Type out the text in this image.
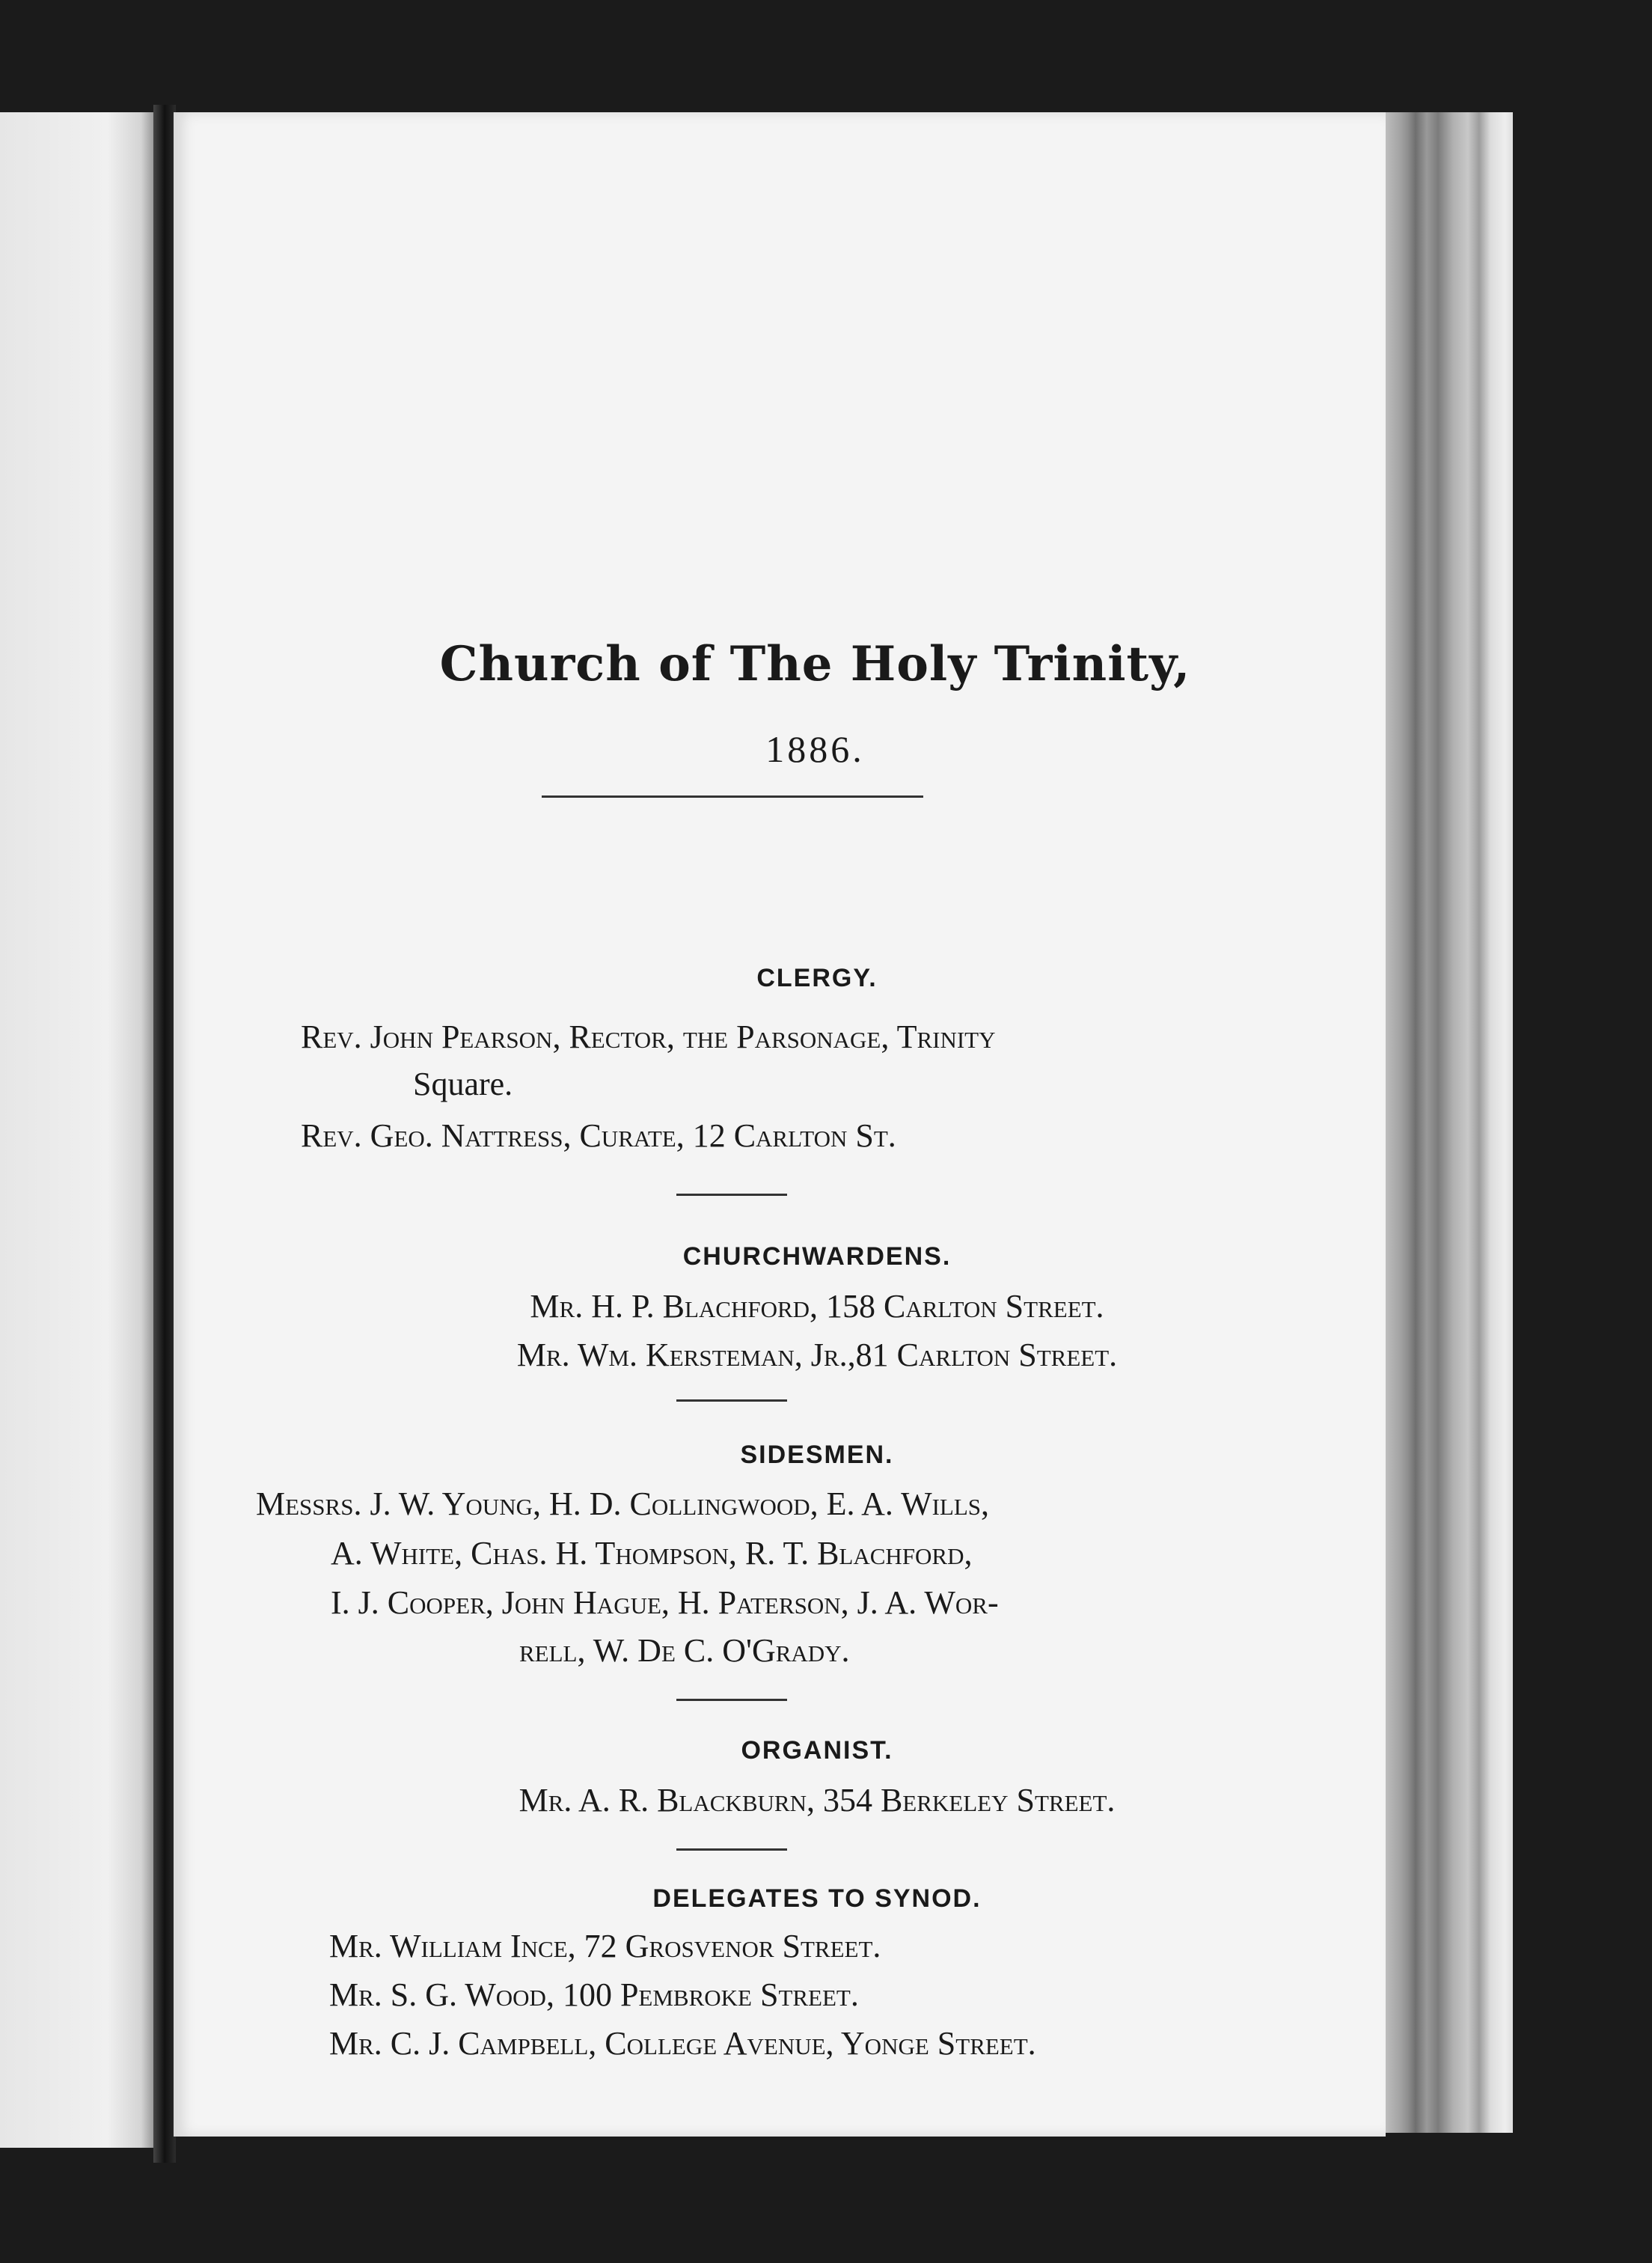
Church of The Holy Trinity,
1886.
CLERGY.
Rev. John Pearson, Rector, the Parsonage, Trinity
Square.
Rev. Geo. Nattress, Curate, 12 Carlton St.
CHURCHWARDENS.
Mr. H. P. Blachford, 158 Carlton Street.
Mr. Wm. Kersteman, Jr.,81 Carlton Street.
SIDESMEN.
Messrs. J. W. Young, H. D. Collingwood, E. A. Wills,
A. White, Chas. H. Thompson, R. T. Blachford,
I. J. Cooper, John Hague, H. Paterson, J. A. Wor-
rell, W. De C. O'Grady.
ORGANIST.
Mr. A. R. Blackburn, 354 Berkeley Street.
DELEGATES TO SYNOD.
Mr. William Ince, 72 Grosvenor Street.
Mr. S. G. Wood, 100 Pembroke Street.
Mr. C. J. Campbell, College Avenue, Yonge Street.
